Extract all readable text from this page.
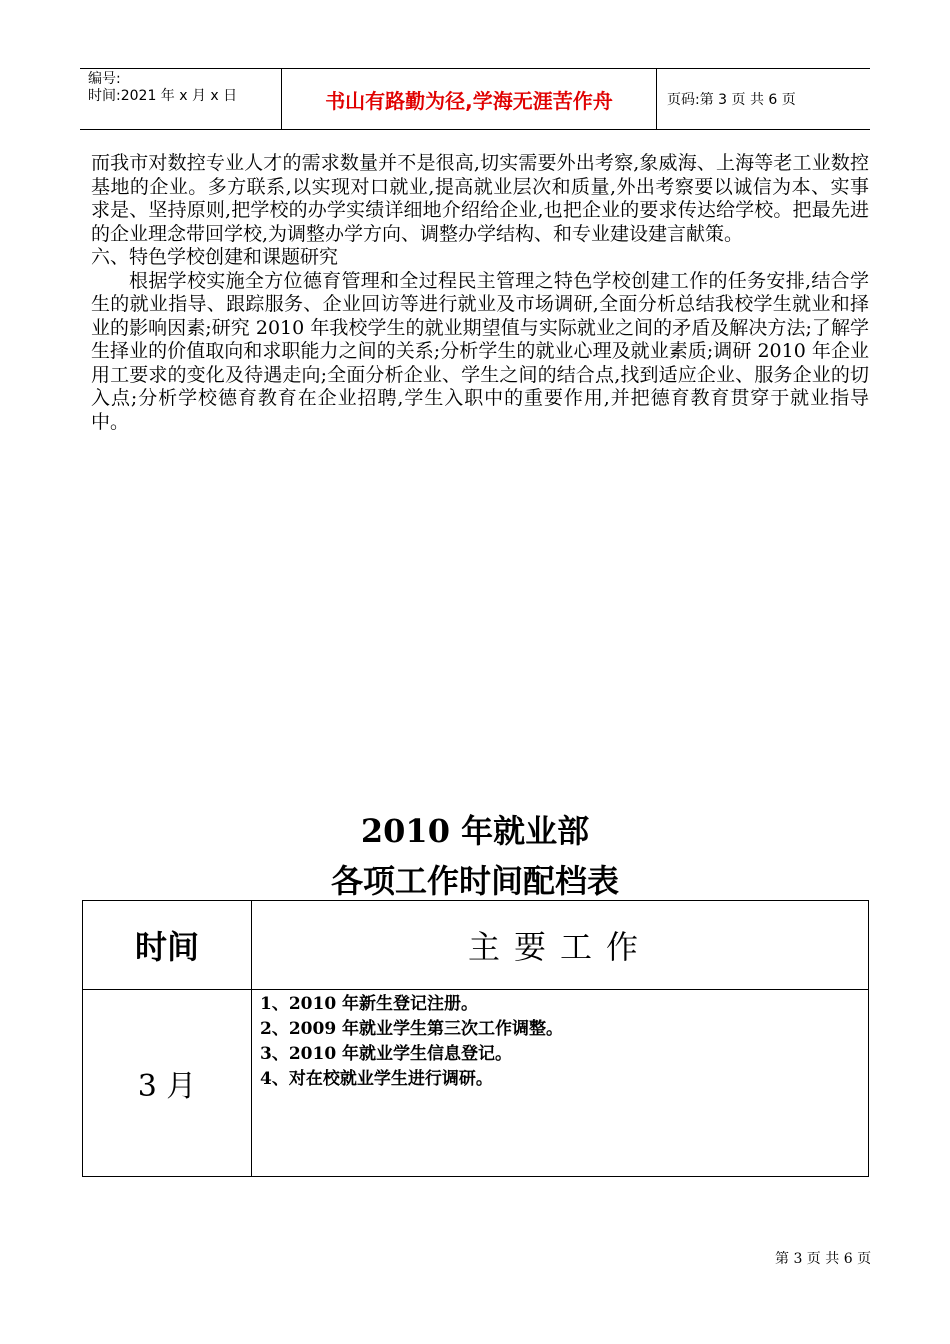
编号:
时间:2021 年 x 月 x 日	书山有路勤为径,学海无涯苦作舟	页码:第 3 页 共 6 页

而我市对数控专业人才的需求数量并不是很高,切实需要外出考察,象威海、上海等老工业数控基地的企业。多方联系,以实现对口就业,提高就业层次和质量,外出考察要以诚信为本、实事求是、坚持原则,把学校的办学实绩详细地介绍给企业,也把企业的要求传达给学校。把最先进的企业理念带回学校,为调整办学方向、调整办学结构、和专业建设建言献策。

六、特色学校创建和课题研究

根据学校实施全方位德育管理和全过程民主管理之特色学校创建工作的任务安排,结合学生的就业指导、跟踪服务、企业回访等进行就业及市场调研,全面分析总结我校学生就业和择业的影响因素;研究 2010 年我校学生的就业期望值与实际就业之间的矛盾及解决方法;了解学生择业的价值取向和求职能力之间的关系;分析学生的就业心理及就业素质;调研 2010 年企业用工要求的变化及待遇走向;全面分析企业、学生之间的结合点,找到适应企业、服务企业的切入点;分析学校德育教育在企业招聘,学生入职中的重要作用,并把德育教育贯穿于就业指导中。

2010 年就业部
各项工作时间配档表
时间	主要工作
3 月	1、2010 年新生登记注册。
2、2009 年就业学生第三次工作调整。
3、2010 年就业学生信息登记。
4、对在校就业学生进行调研。
第 3 页 共 6 页
